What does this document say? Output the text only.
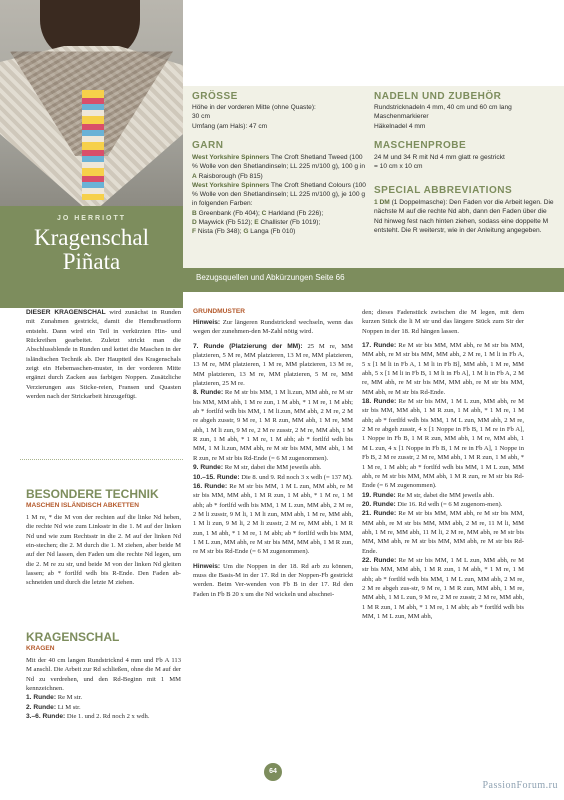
JO HERRIOTT
Kragenschal
Piñata
GRÖSSE
Höhe in der vorderen Mitte (ohne Quaste):
30 cm
Umfang (am Hals): 47 cm
GARN

West Yorkshire Spinners The Croft Shetland Tweed (100 % Wolle von den Shetlandinseln; LL 225 m/100 g), 100 g in

A Raisborough (Fb 815)

West Yorkshire Spinners The Croft Shetland Colours (100 % Wolle von den Shetlandinseln; LL 225 m/100 g), je 100 g in folgenden Farben:

B Greenbank (Fb 404); C Harkland (Fb 226);

D Maywick (Fb 512); E Challister (Fb 1019);

F Nista (Fb 348); G Langa (Fb 010)

NADELN UND ZUBEHÖR
Rundstricknadeln 4 mm, 40 cm und 60 cm lang
Maschenmarkierer
Häkelnadel 4 mm
MASCHENPROBE
24 M und 34 R mit Nd 4 mm glatt re gestrickt
= 10 cm x 10 cm
SPECIAL ABBREVIATIONS
1 DM (1 Doppelmasche): Den Faden vor die Arbeit legen. Die nächste M auf die rechte Nd abh, dann den Faden über die Nd hinweg fest nach hinten ziehen, sodass eine doppelte M entsteht. Die R weiterstr, wie in der Anleitung angegeben.
Bezugsquellen und Abkürzungen Seite 66
DIESER KRAGENSCHAL wird zunächst in Runden mit Zunahmen gestrickt, damit die Hemdbrustform entsteht. Dann wird ein Teil in verkürzten Hin- und Rückreihen gearbeitet. Zuletzt strickt man die Abschlussblende in Runden und kettet die Maschen in der isländischen Technik ab. Der Hauptteil des Kragenschals zeigt ein Hebemaschen-muster, in der vorderen Mitte ergänzt durch Zacken aus farbigen Noppen. Zusätzliche Verzierungen aus Sticke-reien, Fransen und Quasten werden nach der Strickarbeit hinzugefügt.
BESONDERE TECHNIK
MASCHEN ISLÄNDISCH ABKETTEN
1 M re, * die M von der rechten auf die linke Nd heben, die rechte Nd wie zum Linksstr in die 1. M auf der linken Nd und wie zum Rechtsstr in die 2. M auf der linken Nd ein-stechen; die 2. M durch die 1. M ziehen, aber beide M auf der Nd lassen, den Faden um die rechte Nd legen, um die 2. M re zu str, und beide M von der linken Nd gleiten lassen; ab * fortlfd wdh bis R-Ende. Den Faden ab-schneiden und durch die letzte M ziehen.
KRAGENSCHAL
KRAGEN

Mit der 40 cm langen Rundstricknd 4 mm und Fb A 113 M anschl. Die Arbeit zur Rd schließen, ohne die M auf der Nd zu verdrehen, und den Rd-Beginn mit 1 MM kennzeichnen.

1. Runde: Re M str.

2. Runde: Li M str.

3.–6. Runde: Die 1. und 2. Rd noch 2 x wdh.

GRUNDMUSTER

Hinweis: Zur längeren Rundstricknd wechseln, wenn das wegen der zunehmen-den M-Zahl nötig wird.

7. Runde (Platzierung der MM): 25 M re, MM platzieren, 5 M re, MM platzieren, 13 M re, MM platzieren, 13 M re, MM platzieren, 1 M re, MM platzieren, 13 M re, MM platzieren, 13 M re, MM platzieren, 5 M re, MM platzieren, 25 M re.

8. Runde: Re M str bis MM, 1 M li.zun, MM abh, re M str bis MM, MM abh, 1 M re zun, 1 M abh, * 1 M re, 1 M abh; ab * fortlfd wdh bis MM, 1 M li.zun, MM abh, 2 M re, 2 M re abgeh zusstr, 9 M re, 1 M R zun, MM abh, 1 M re, MM abh, 1 M li zun, 9 M re, 2 M re zusstr, 2 M re, MM abh, 1 M R zun, 1 M abh, * 1 M re, 1 M abh; ab * fortlfd wdh bis MM, 1 M li.zun, MM abh, re M str bis MM, MM abh, 1 M R zun, re M str bis Rd-Ende (= 6 M zugenommen).

9. Runde: Re M str, dabei die MM jeweils abh.

10.–15. Runde: Die 8. und 9. Rd noch 3 x wdh (= 137 M).

16. Runde: Re M str bis MM, 1 M L zun, MM abh, re M str bis MM, MM abh, 1 M R zun, 1 M abh, * 1 M re, 1 M abh; ab * fortlfd wdh bis MM, 1 M L zun, MM abh, 2 M re, 2 M li zusstr, 9 M li, 1 M li zun, MM abh, 1 M re, MM abh, 1 M li zun, 9 M li, 2 M li zusstr, 2 M re, MM abh, 1 M R zun, 1 M abh, * 1 M re, 1 M abh; ab * fortlfd wdh bis MM, 1 M L zun, MM abh, re M str bis MM, MM abh, 1 M R zun, re M str bis Rd-Ende (= 6 M zugenommen).

Hinweis: Um die Noppen in der 18. Rd arb zu können, muss die Basis-M in der 17. Rd in der Noppen-Fb gestrickt werden. Beim Ver-wenden von Fb B in der 17. Rd den Faden in Fb B 20 x um die Nd wickeln und abschnei-

den; dieses Fadenstück zwischen die M legen, mit dem kurzen Stück die li M str und das längere Stück zum Str der Noppen in der 18. Rd hängen lassen.

17. Runde: Re M str bis MM, MM abh, re M str bis MM, MM abh, re M str bis MM, MM abh, 2 M re, 1 M li in Fb A, 5 x [1 M li in Fb A, 1 M li in Fb B], MM abh, 1 M re, MM abh, 5 x [1 M li in Fb B, 1 M li in Fb A], 1 M li in Fb A, 2 M re, MM abh, re M str bis MM, MM abh, re M str bis MM, MM abh, re M str bis Rd-Ende.

18. Runde: Re M str bis MM, 1 M L zun, MM abh, re M str bis MM, MM abh, 1 M R zun, 1 M abh, * 1 M re, 1 M abh; ab * fortlfd wdh bis MM, 1 M L zun, MM abh, 2 M re, 2 M re abgeh zusstr, 4 x [1 Noppe in Fb B, 1 M re in Fb A], 1 Noppe in Fb B, 1 M R zun, MM abh, 1 M re, MM abh, 1 M L zun, 4 x [1 Noppe in Fb B, 1 M re in Fb A], 1 Noppe in Fb B, 2 M re zusstr, 2 M re, MM abh, 1 M R zun, 1 M abh, * 1 M re, 1 M abh; ab * fortlfd wdh bis MM, 1 M L zun, MM abh, re M str bis MM, MM abh, 1 M R zun, re M str bis Rd-Ende (= 6 M zugenommen).

19. Runde: Re M str, dabei die MM jeweils abh.

20. Runde: Die 16. Rd wdh (= 6 M zugenom-men).

21. Runde: Re M str bis MM, MM abh, re M str bis MM, MM abh, re M str bis MM, MM abh, 2 M re, 11 M li, MM abh, 1 M re, MM abh, 11 M li, 2 M re, MM abh, re M str bis MM, MM abh, re M str bis MM, MM abh, re M str bis Rd-Ende.

22. Runde: Re M str bis MM, 1 M L zun, MM abh, re M str bis MM, MM abh, 1 M R zun, 1 M abh, * 1 M re, 1 M abh; ab * fortlfd wdh bis MM, 1 M L zun, MM abh, 2 M re, 2 M re abgeh zus-str, 9 M re, 1 M R zun, MM abh, 1 M re, MM abh, 1 M L zun, 9 M re, 2 M re zusstr, 2 M re, MM abh, 1 M R zun, 1 M abh, * 1 M re, 1 M abh; ab * fortlfd wdh bis MM, 1 M L zun, MM abh,

64
PassionForum.ru
